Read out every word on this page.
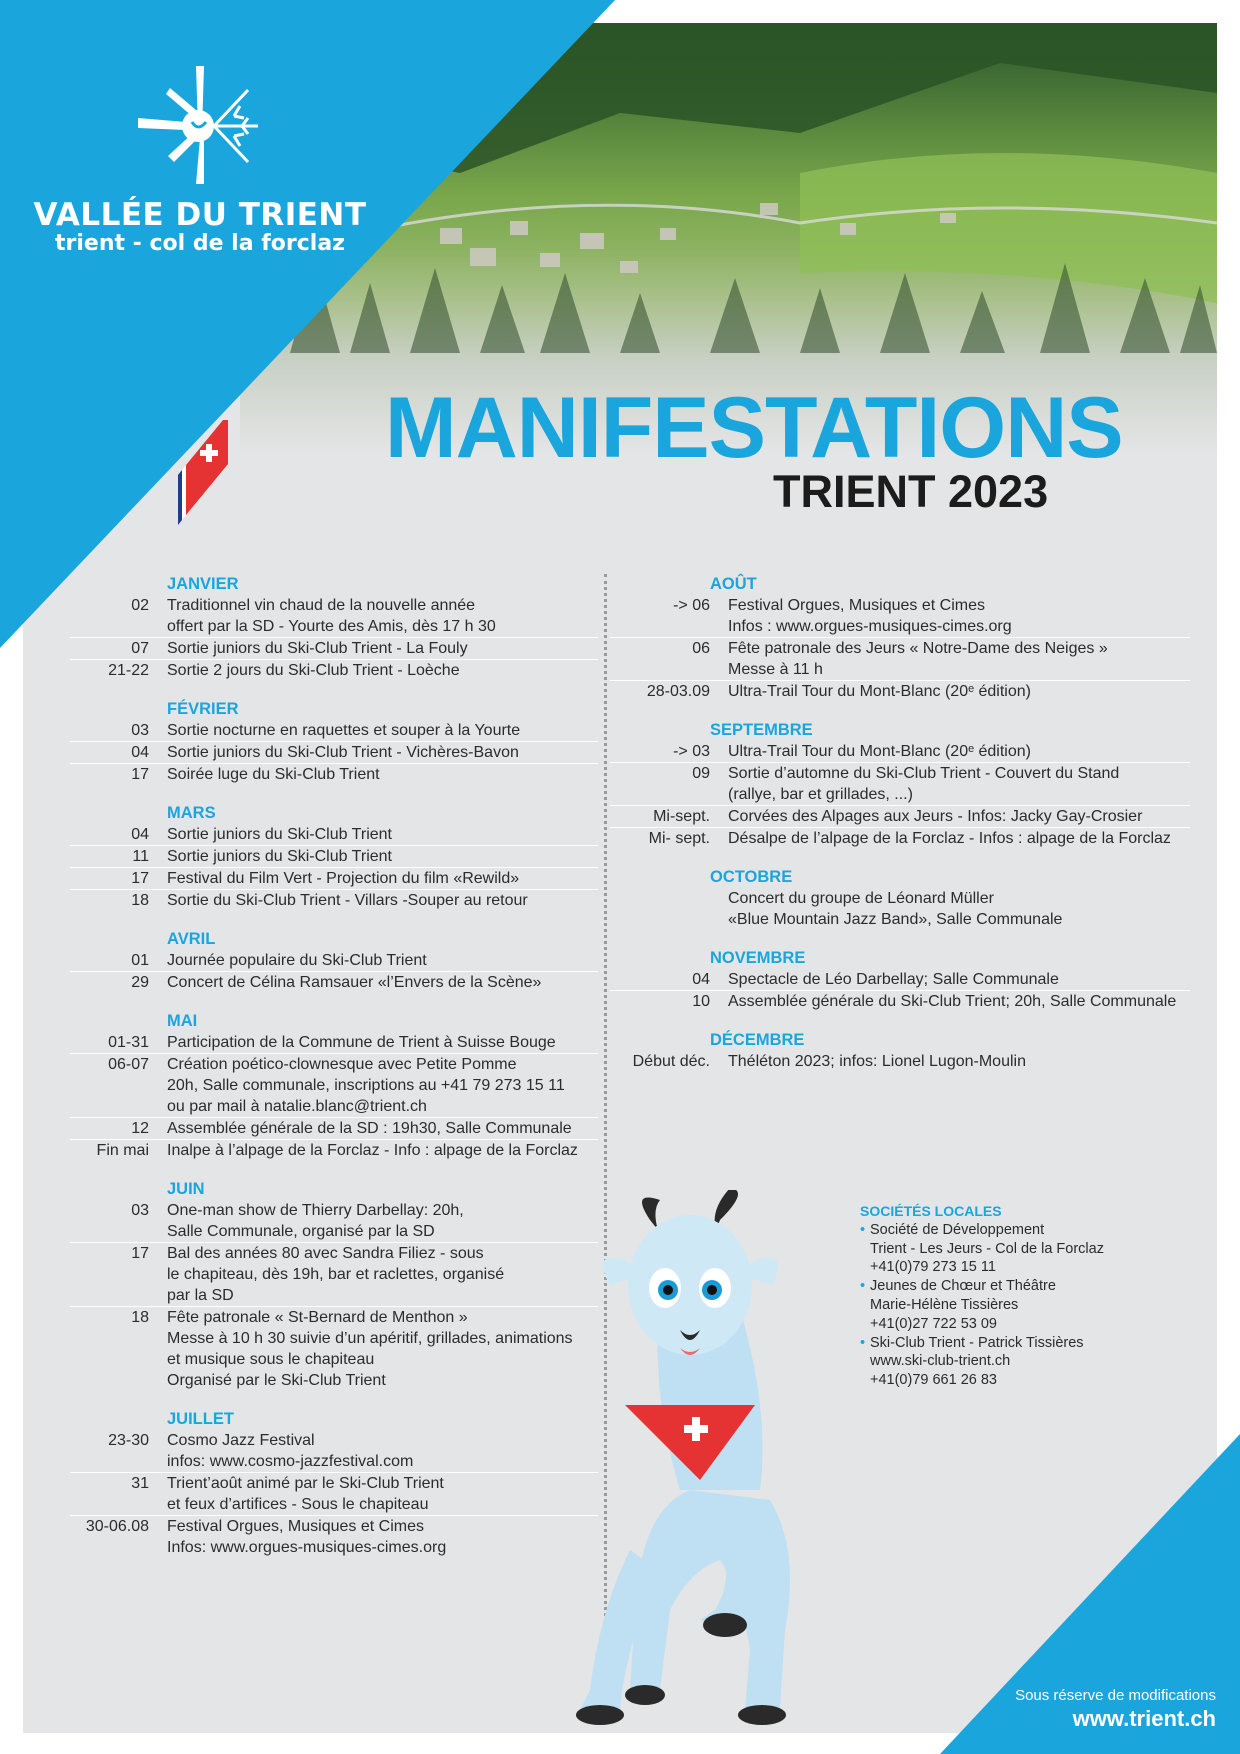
VALLÉE DU TRIENT
trient - col de la forclaz
MANIFESTATIONS
TRIENT 2023
JANVIER
02	Traditionnel vin chaud de la nouvelle année
offert par la SD - Yourte des Amis, dès 17 h 30
07	Sortie juniors du Ski-Club Trient - La Fouly
21-22	Sortie 2 jours du Ski-Club Trient - Loèche
FÉVRIER
03	Sortie nocturne en raquettes et souper à la Yourte
04	Sortie juniors du Ski-Club Trient - Vichères-Bavon
17	Soirée luge du Ski-Club Trient
MARS
04	Sortie juniors du Ski-Club Trient
11	Sortie juniors du Ski-Club Trient
17	Festival du Film Vert - Projection du film «Rewild»
18	Sortie du Ski-Club Trient - Villars -Souper au retour
AVRIL
01	Journée populaire du Ski-Club Trient
29	Concert de Célina Ramsauer «l’Envers de la Scène»
MAI
01-31	Participation de la Commune de Trient à Suisse Bouge
06-07	Création poético-clownesque avec Petite Pomme
20h, Salle communale, inscriptions au +41 79 273 15 11
ou par mail à natalie.blanc@trient.ch
12	Assemblée générale de la SD : 19h30, Salle Communale
Fin mai	Inalpe à l’alpage de la Forclaz - Info : alpage de la Forclaz
JUIN
03	One-man show de Thierry Darbellay: 20h,
Salle Communale, organisé par la SD
17	Bal des années 80 avec Sandra Filiez - sous
le chapiteau, dès 19h, bar et raclettes, organisé
par la SD
18	Fête patronale « St-Bernard de Menthon »
Messe à 10 h 30 suivie d’un apéritif, grillades, animations
et musique sous le chapiteau
Organisé par le Ski-Club Trient
JUILLET
23-30	Cosmo Jazz Festival
infos: www.cosmo-jazzfestival.com
31	Trient’août animé par le Ski-Club Trient
et feux d’artifices - Sous le chapiteau
30-06.08	Festival Orgues, Musiques et Cimes
Infos: www.orgues-musiques-cimes.org
AOÛT
-> 06	Festival Orgues, Musiques et Cimes
Infos : www.orgues-musiques-cimes.org
06	Fête patronale des Jeurs « Notre-Dame des Neiges »
Messe à 11 h
28-03.09	Ultra-Trail Tour du Mont-Blanc (20ᵉ édition)
SEPTEMBRE
-> 03	Ultra-Trail Tour du Mont-Blanc (20ᵉ édition)
09	Sortie d’automne du Ski-Club Trient - Couvert du Stand
(rallye, bar et grillades, ...)
Mi-sept.	Corvées des Alpages aux Jeurs - Infos: Jacky Gay-Crosier
Mi- sept.	Désalpe de l’alpage de la Forclaz - Infos : alpage de la Forclaz
OCTOBRE
Concert du groupe de Léonard Müller
«Blue Mountain Jazz Band», Salle Communale
NOVEMBRE
04	Spectacle de Léo Darbellay; Salle Communale
10	Assemblée générale du Ski-Club Trient; 20h, Salle Communale
DÉCEMBRE
Début déc.	Théléton 2023; infos: Lionel Lugon-Moulin
SOCIÉTÉS LOCALES
• Société de Développement
Trient - Les Jeurs - Col de la Forclaz
+41(0)79 273 15 11
• Jeunes de Chœur et Théâtre
Marie-Hélène Tissières
+41(0)27 722 53 09
• Ski-Club Trient - Patrick Tissières
www.ski-club-trient.ch
+41(0)79 661 26 83
Sous réserve de modifications
www.trient.ch
